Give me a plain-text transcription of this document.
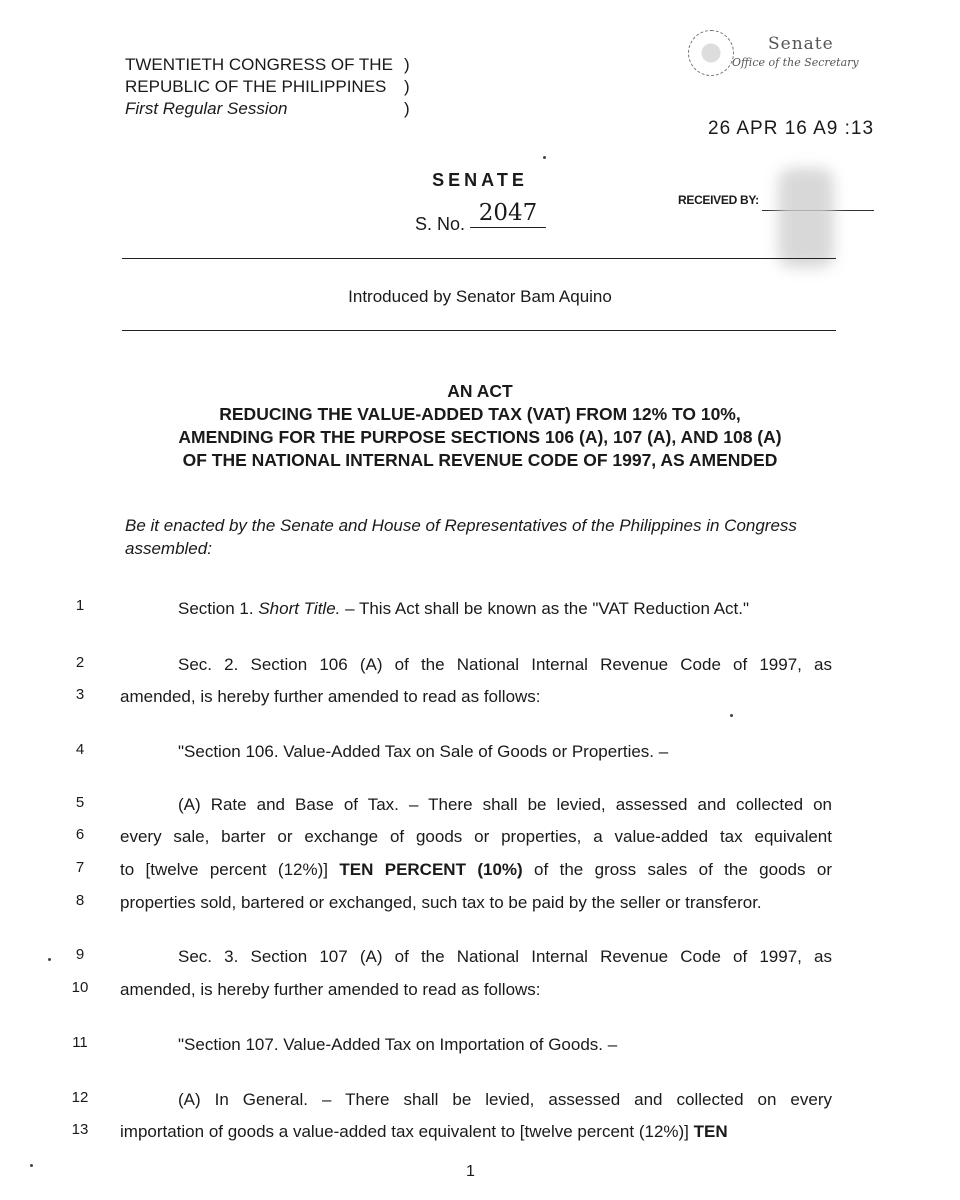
TWENTIETH CONGRESS OF THE
REPUBLIC OF THE PHILIPPINES
First Regular Session
)
)
)
Senate
Office of the Secretary
26 APR 16 A9 :13
SENATE
S. No. 2047	RECEIVED BY:
Introduced by Senator Bam Aquino
AN ACT
REDUCING THE VALUE-ADDED TAX (VAT) FROM 12% TO 10%,
AMENDING FOR THE PURPOSE SECTIONS 106 (A), 107 (A), AND 108 (A)
OF THE NATIONAL INTERNAL REVENUE CODE OF 1997, AS AMENDED
Be it enacted by the Senate and House of Representatives of the Philippines in Congress assembled:
1	Section 1. Short Title. – This Act shall be known as the "VAT Reduction Act."
2	Sec. 2. Section 106 (A) of the National Internal Revenue Code of 1997, as
3	amended, is hereby further amended to read as follows:
4	"Section 106. Value-Added Tax on Sale of Goods or Properties. –
5	(A) Rate and Base of Tax. – There shall be levied, assessed and collected on
6	every sale, barter or exchange of goods or properties, a value-added tax equivalent
7	to [twelve percent (12%)] TEN PERCENT (10%) of the gross sales of the goods or
8	properties sold, bartered or exchanged, such tax to be paid by the seller or transferor.
9	Sec. 3. Section 107 (A) of the National Internal Revenue Code of 1997, as
10	amended, is hereby further amended to read as follows:
11	"Section 107. Value-Added Tax on Importation of Goods. –
12	(A) In General. – There shall be levied, assessed and collected on every
13	importation of goods a value-added tax equivalent to [twelve percent (12%)] TEN
1
